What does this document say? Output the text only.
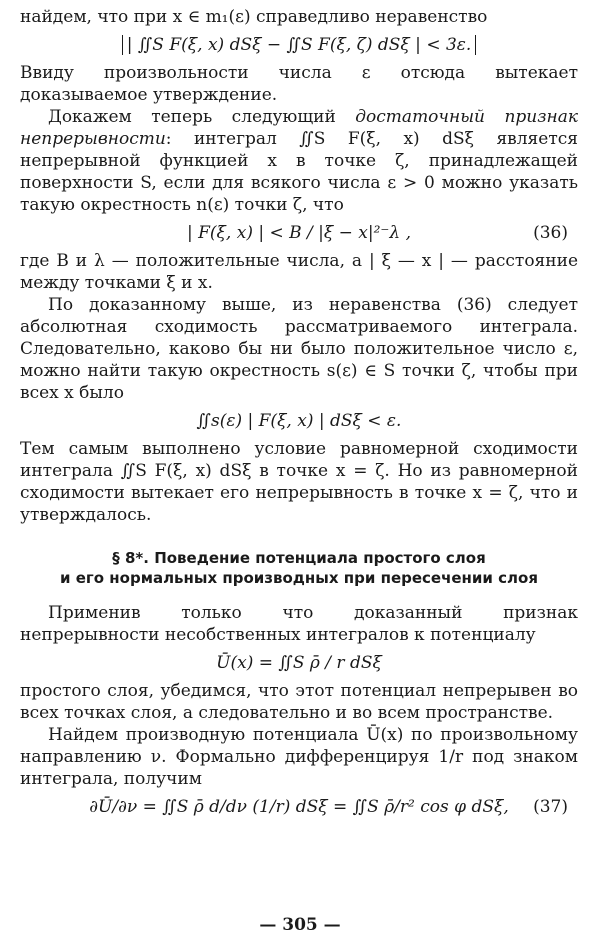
найдем, что при x ∈ m₁(ε) справедливо неравенство

| ∬S F(ξ, x) dSξ − ∬S F(ξ, ζ) dSξ | < 3ε.

Ввиду произвольности числа ε отсюда вытекает доказываемое утверждение.

Докажем теперь следующий достаточный признак непрерывности: интеграл ∬S F(ξ, x) dSξ является непрерывной функцией x в точке ζ, принадлежащей поверхности S, если для всякого числа ε > 0 можно указать такую окрестность n(ε) точки ζ, что

| F(ξ, x) | < B / |ξ − x|²⁻λ ,	(36)

где B и λ — положительные числа, а | ξ — x | — расстояние между точками ξ и x.

По доказанному выше, из неравенства (36) следует абсолютная сходимость рассматриваемого интеграла. Следовательно, каково бы ни было положительное число ε, можно найти такую окрестность s(ε) ∈ S точки ζ, чтобы при всех x было

∬s(ε) | F(ξ, x) | dSξ < ε.

Тем самым выполнено условие равномерной сходимости интеграла ∬S F(ξ, x) dSξ в точке x = ζ. Но из равномерной сходимости вытекает его непрерывность в точке x = ζ, что и утверждалось.

§ 8*. Поведение потенциала простого слоя
и его нормальных производных при пересечении слоя

Применив только что доказанный признак непрерывности несобственных интегралов к потенциалу

Ū(x) = ∬S ρ̄ / r dSξ

простого слоя, убедимся, что этот потенциал непрерывен во всех точках слоя, а следовательно и во всем пространстве.

Найдем производную потенциала Ū(x) по произвольному направлению ν. Формально дифференцируя 1/r под знаком интеграла, получим

∂Ū/∂ν = ∬S ρ̄ d/dν (1/r) dSξ = ∬S ρ̄/r² cos φ dSξ, (37)
— 305 —
